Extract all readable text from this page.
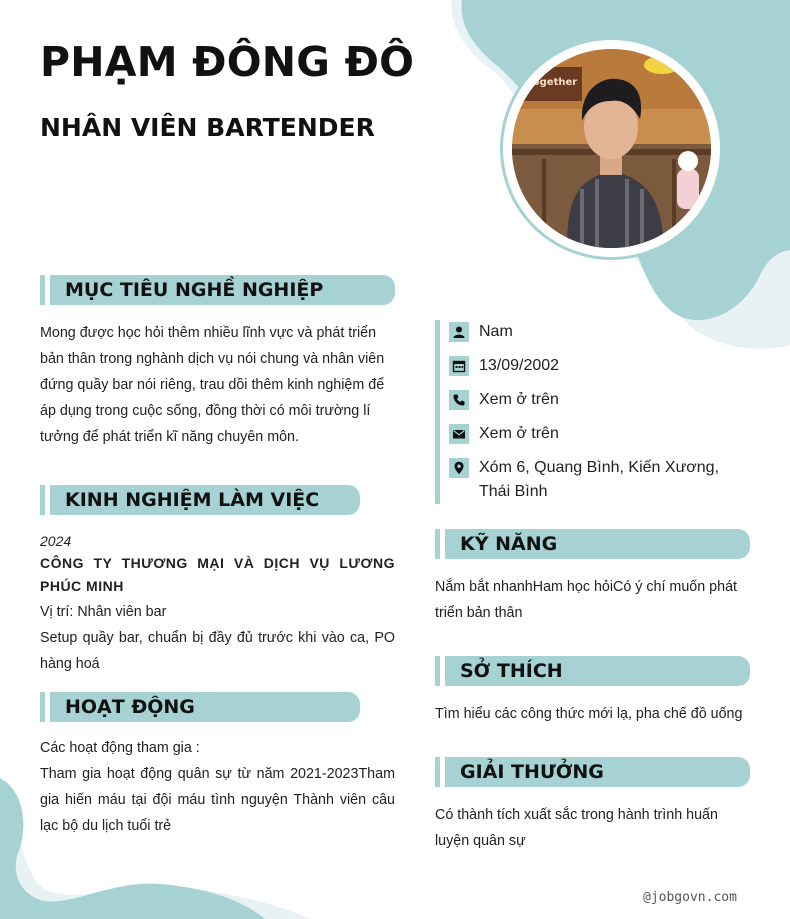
PHẠM ĐÔNG ĐÔ
NHÂN VIÊN BARTENDER
together
MỤC TIÊU NGHỀ NGHIỆP
Mong được học hỏi thêm nhiều lĩnh vực và phát triển bản thân trong nghành dịch vụ nói chung và nhân viên đứng quầy bar nói riêng, trau dồi thêm kinh nghiệm để áp dụng trong cuộc sống, đồng thời có môi trường lí tưởng để phát triển kĩ năng chuyên môn.
KINH NGHIỆM LÀM VIỆC
2024
CÔNG TY THƯƠNG MẠI VÀ DỊCH VỤ LƯƠNG PHÚC MINH
Vị trí: Nhân viên bar
Setup quầy bar, chuẩn bị đầy đủ trước khi vào ca, PO hàng hoá
HOẠT ĐỘNG
Các hoạt động tham gia :
Tham gia hoạt động quân sự từ năm 2021-2023Tham gia hiến máu tại đội máu tình nguyện Thành viên câu lạc bộ du lịch tuổi trẻ
Nam
13/09/2002
Xem ở trên
Xem ở trên
Xóm 6, Quang Bình, Kiến Xương, Thái Bình
KỸ NĂNG
Nắm bắt nhanhHam học hỏiCó ý chí muốn phát triển bản thân
SỞ THÍCH
Tìm hiểu các công thức mới lạ, pha chế đồ uống
GIẢI THƯỞNG
Có thành tích xuất sắc trong hành trình huấn luyện quân sự
@jobgovn.com
